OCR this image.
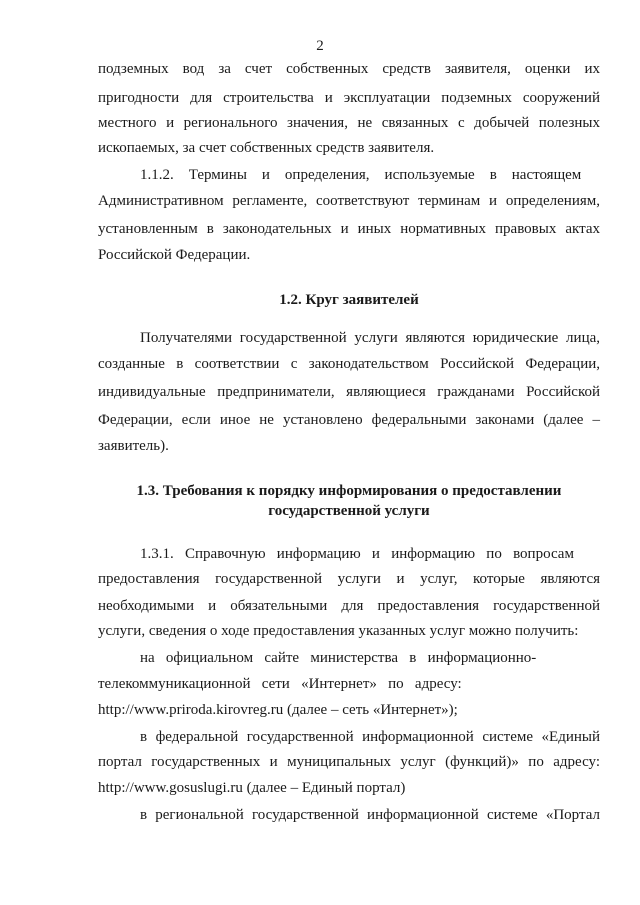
2
подземных вод за счет собственных средств заявителя, оценки их
пригодности для строительства и эксплуатации подземных сооружений
местного и регионального значения, не связанных с добычей полезных
ископаемых, за счет собственных средств заявителя.
1.1.2.    Термины    и    определения,    используемые    в    настоящем
Административном регламенте, соответствуют терминам и определениям,
установленным в законодательных и иных нормативных правовых актах
Российской Федерации.
1.2. Круг заявителей
Получателями государственной услуги являются юридические лица,
созданные в соответствии с законодательством Российской Федерации,
индивидуальные предприниматели, являющиеся гражданами Российской
Федерации, если иное не установлено федеральными законами (далее –
заявитель).
1.3. Требования к порядку информирования о предоставлении
государственной услуги
1.3.1.   Справочную   информацию   и   информацию   по   вопросам
предоставления государственной услуги и услуг, которые являются
необходимыми и обязательными для предоставления государственной
услуги, сведения о ходе предоставления указанных услуг можно получить:
на   официальном   сайте   министерства   в   информационно-
телекоммуникационной   сети   «Интернет»   по   адресу:
http://www.priroda.kirovreg.ru (далее – сеть «Интернет»);
в федеральной государственной информационной системе «Единый
портал государственных и муниципальных услуг (функций)» по адресу:
http://www.gosuslugi.ru (далее – Единый портал)
в региональной государственной информационной системе «Портал
